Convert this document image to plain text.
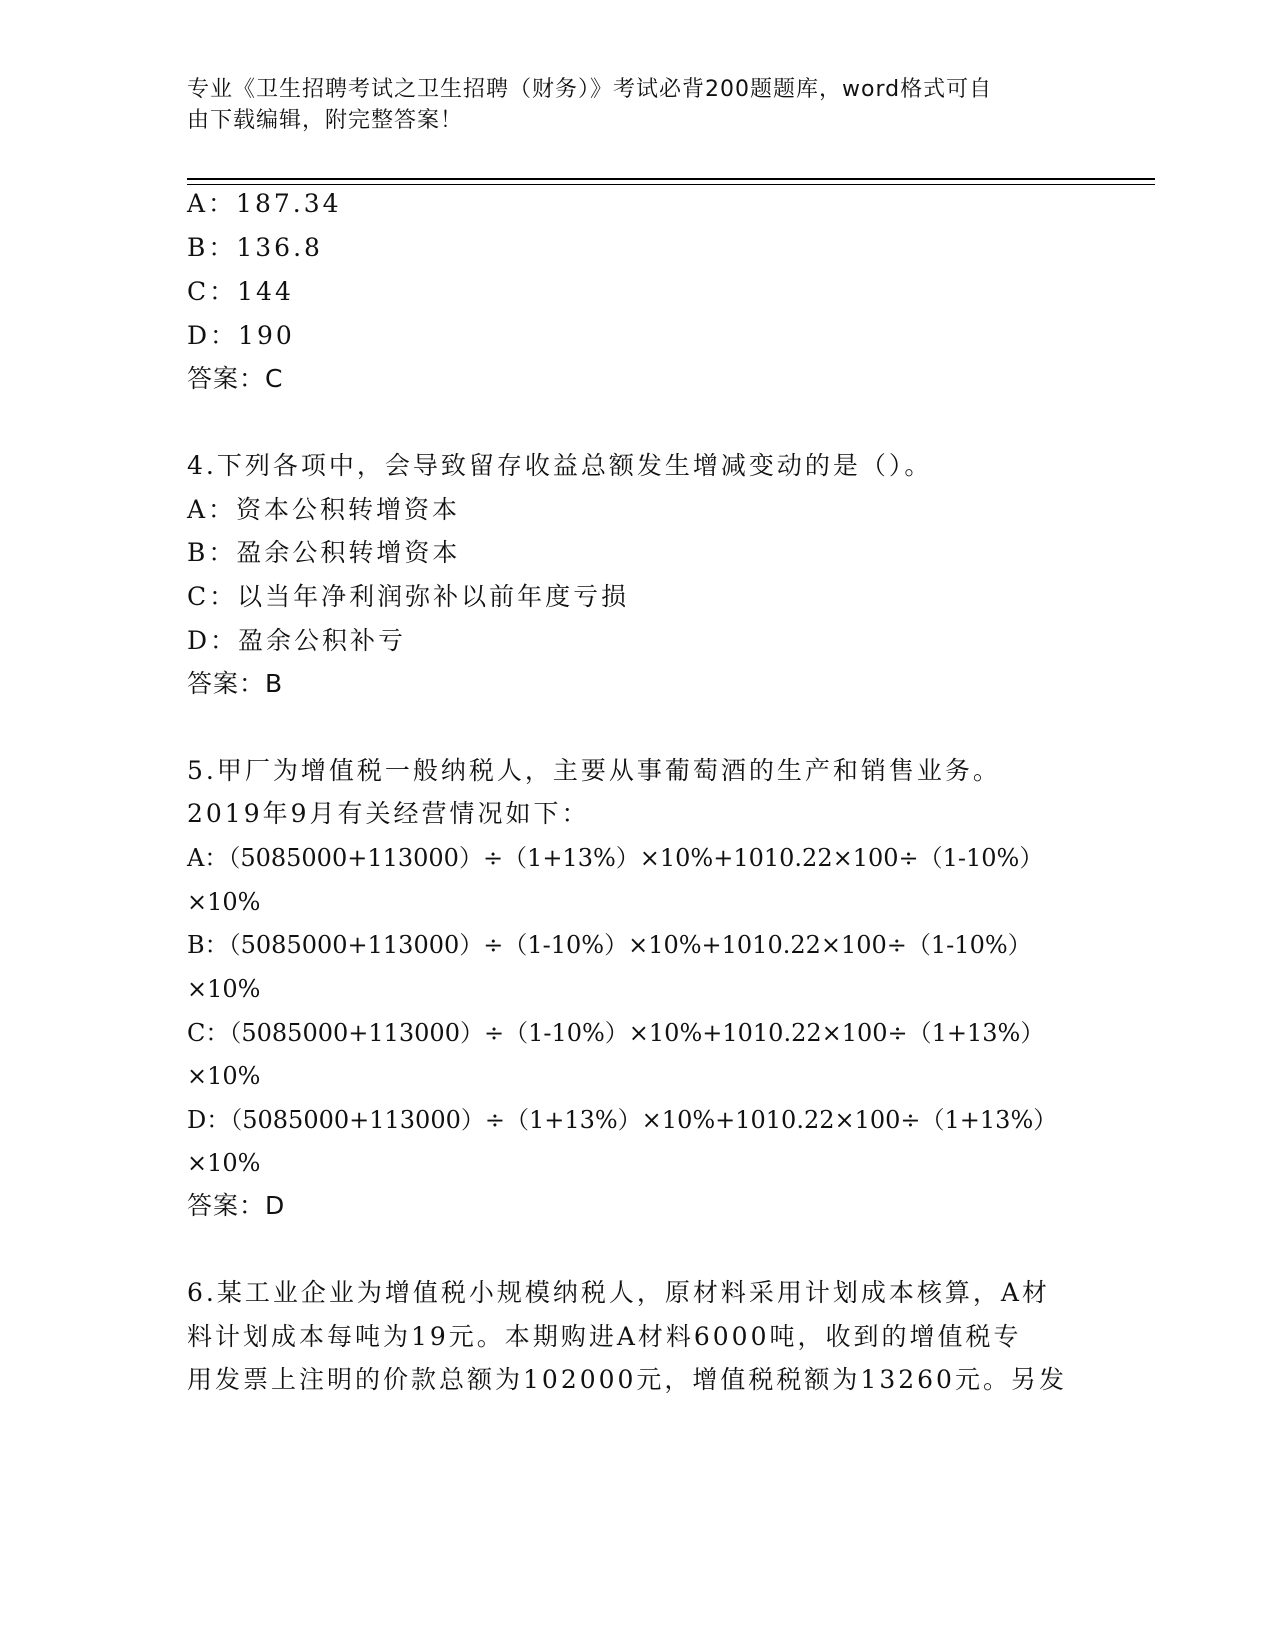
专业《卫生招聘考试之卫生招聘（财务）》考试必背200题题库，word格式可自
由下载编辑，附完整答案！
A：187.34
B：136.8
C：144
D：190
答案：C
4.下列各项中，会导致留存收益总额发生增减变动的是（）。
A：资本公积转增资本
B：盈余公积转增资本
C：以当年净利润弥补以前年度亏损
D：盈余公积补亏
答案：B
5.甲厂为增值税一般纳税人，主要从事葡萄酒的生产和销售业务。
2019年9月有关经营情况如下：
A：（5085000+113000）÷（1+13%）×10%+1010.22×100÷（1-10%）
×10%
B：（5085000+113000）÷（1-10%）×10%+1010.22×100÷（1-10%）
×10%
C：（5085000+113000）÷（1-10%）×10%+1010.22×100÷（1+13%）
×10%
D：（5085000+113000）÷（1+13%）×10%+1010.22×100÷（1+13%）
×10%
答案：D
6.某工业企业为增值税小规模纳税人，原材料采用计划成本核算，A材
料计划成本每吨为19元。本期购进A材料6000吨，收到的增值税专
用发票上注明的价款总额为102000元，增值税税额为13260元。另发
